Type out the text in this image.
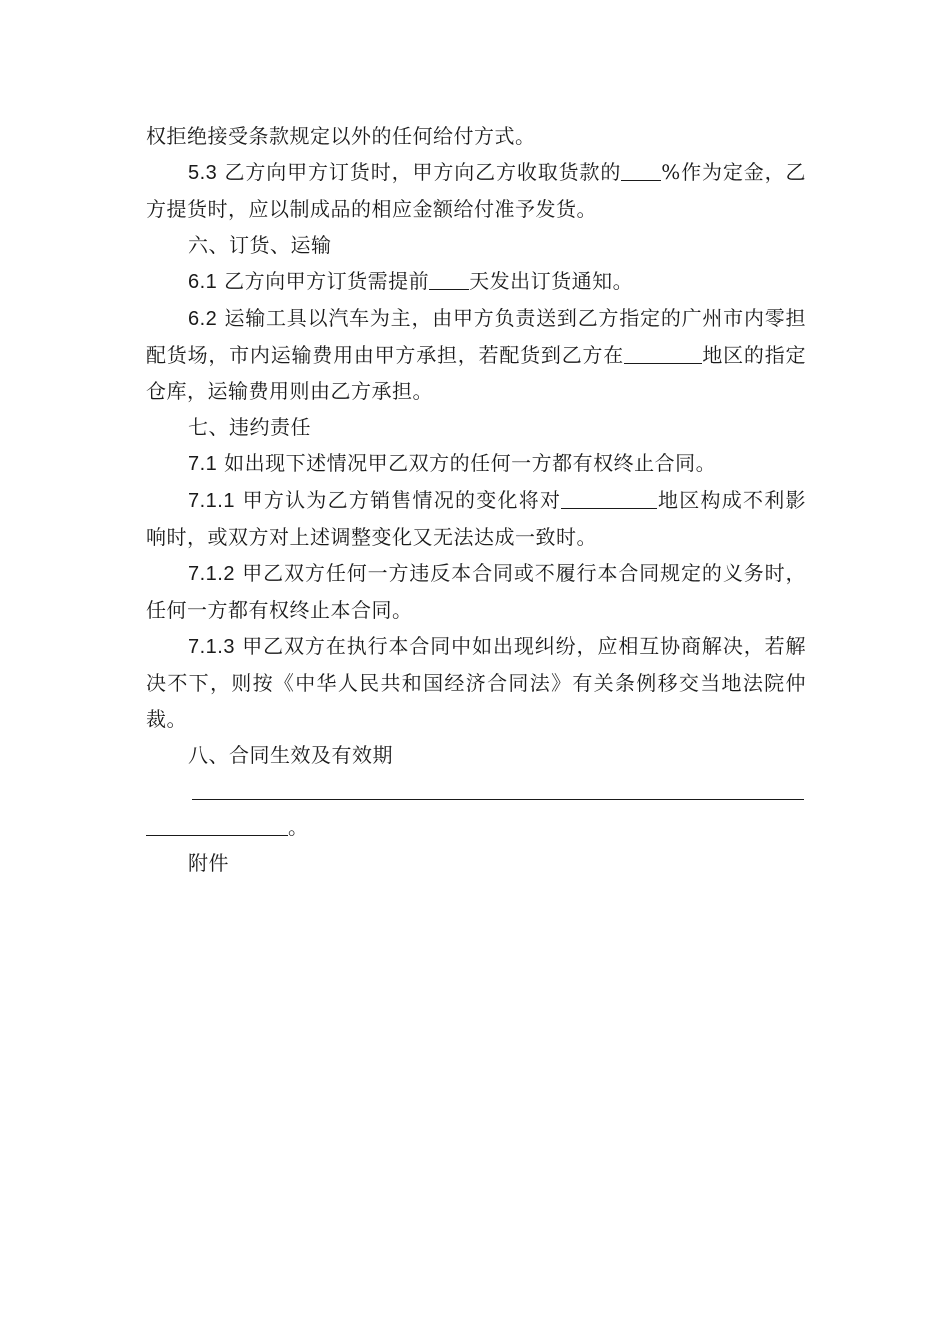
权拒绝接受条款规定以外的任何给付方式。

5.3 乙方向甲方订货时，甲方向乙方收取货款的 %作为定金，乙方提货时，应以制成品的相应金额给付准予发货。

六、订货、运输

6.1 乙方向甲方订货需提前 天发出订货通知。

6.2 运输工具以汽车为主，由甲方负责送到乙方指定的广州市内零担配货场，市内运输费用由甲方承担，若配货到乙方在	地区的指定仓库，运输费用则由乙方承担。

七、违约责任

7.1 如出现下述情况甲乙双方的任何一方都有权终止合同。

7.1.1 甲方认为乙方销售情况的变化将对	地区构成不利影响时，或双方对上述调整变化又无法达成一致时。

7.1.2 甲乙双方任何一方违反本合同或不履行本合同规定的义务时，任何一方都有权终止本合同。

7.1.3 甲乙双方在执行本合同中如出现纠纷，应相互协商解决，若解决不下，则按《中华人民共和国经济合同法》有关条例移交当地法院仲裁。

八、合同生效及有效期

。

附件
